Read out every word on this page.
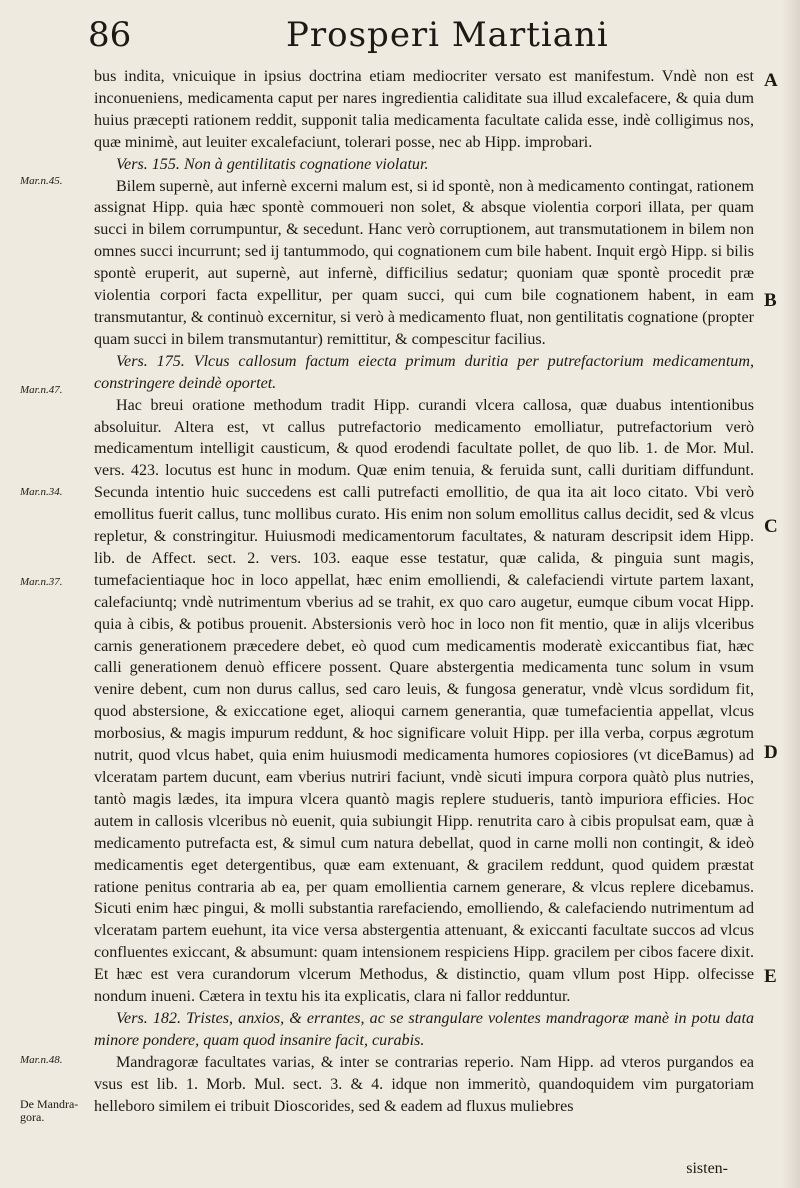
86	Prosperi Martiani
Mar.n.45.
Mar.n.47.
Mar.n.34.
Mar.n.37.
Mar.n.48.
De Mandra-gora.
A
B
C
D
E

bus indita, vnicuique in ipsius doctrina etiam mediocriter versato est manifestum. Vndè non est inconueniens, medicamenta caput per nares ingredientia caliditate sua illud excalefacere, & quia dum huius præcepti rationem reddit, supponit talia medicamenta facultate calida esse, indè colligimus nos, quæ minimè, aut leuiter excalefaciunt, tolerari posse, nec ab Hipp. improbari.

Vers. 155. Non à gentilitatis cognatione violatur.

Bilem supernè, aut infernè excerni malum est, si id spontè, non à medicamento contingat, rationem assignat Hipp. quia hæc spontè commoueri non solet, & absque violentia corpori illata, per quam succi in bilem corrumpuntur, & secedunt. Hanc verò corruptionem, aut transmutationem in bilem non omnes succi incurrunt; sed ij tantummodo, qui cognationem cum bile habent. Inquit ergò Hipp. si bilis spontè eruperit, aut supernè, aut infernè, difficilius sedatur; quoniam quæ spontè procedit præ violentia corpori facta expellitur, per quam succi, qui cum bile cognationem habent, in eam transmutantur, & continuò excernitur, si verò à medicamento fluat, non gentilitatis cognatione (propter quam succi in bilem transmutantur) remittitur, & compescitur facilius.

Vers. 175. Vlcus callosum factum eiecta primum duritia per putrefactorium medicamentum, constringere deindè oportet.

Hac breui oratione methodum tradit Hipp. curandi vlcera callosa, quæ duabus intentionibus absoluitur. Altera est, vt callus putrefactorio medicamento emolliatur, putrefactorium verò medicamentum intelligit causticum, & quod erodendi facultate pollet, de quo lib. 1. de Mor. Mul. vers. 423. locutus est hunc in modum. Quæ enim tenuia, & feruida sunt, calli duritiam diffundunt. Secunda intentio huic succedens est calli putrefacti emollitio, de qua ita ait loco citato. Vbi verò emollitus fuerit callus, tunc mollibus curato. His enim non solum emollitus callus decidit, sed & vlcus repletur, & constringitur. Huiusmodi medicamentorum facultates, & naturam descripsit idem Hipp. lib. de Affect. sect. 2. vers. 103. eaque esse testatur, quæ calida, & pinguia sunt magis, tumefacientiaque hoc in loco appellat, hæc enim emolliendi, & calefaciendi virtute partem laxant, calefaciuntq; vndè nutrimentum vberius ad se trahit, ex quo caro augetur, eumque cibum vocat Hipp. quia à cibis, & potibus prouenit. Abstersionis verò hoc in loco non fit mentio, quæ in alijs vlceribus carnis generationem præcedere debet, eò quod cum medicamentis moderatè exiccantibus fiat, hæc calli generationem denuò efficere possent. Quare abstergentia medicamenta tunc solum in vsum venire debent, cum non durus callus, sed caro leuis, & fungosa generatur, vndè vlcus sordidum fit, quod abstersione, & exiccatione eget, alioqui carnem generantia, quæ tumefacientia appellat, vlcus morbosius, & magis impurum reddunt, & hoc significare voluit Hipp. per illa verba, corpus ægrotum nutrit, quod vlcus habet, quia enim huiusmodi medicamenta humores copiosiores (vt diceBamus) ad vlceratam partem ducunt, eam vberius nutriri faciunt, vndè sicuti impura corpora quàtò plus nutries, tantò magis lædes, ita impura vlcera quantò magis replere studueris, tantò impuriora efficies. Hoc autem in callosis vlceribus nò euenit, quia subiungit Hipp. renutrita caro à cibis propulsat eam, quæ à medicamento putrefacta est, & simul cum natura debellat, quod in carne molli non contingit, & ideò medicamentis eget detergentibus, quæ eam extenuant, & gracilem reddunt, quod quidem præstat ratione penitus contraria ab ea, per quam emollientia carnem generare, & vlcus replere dicebamus. Sicuti enim hæc pingui, & molli substantia rarefaciendo, emolliendo, & calefaciendo nutrimentum ad vlceratam partem euehunt, ita vice versa abstergentia attenuant, & exiccanti facultate succos ad vlcus confluentes exiccant, & absumunt: quam intensionem respiciens Hipp. gracilem per cibos facere dixit. Et hæc est vera curandorum vlcerum Methodus, & distinctio, quam vllum post Hipp. olfecisse nondum inueni. Cætera in textu his ita explicatis, clara ni fallor redduntur.

Vers. 182. Tristes, anxios, & errantes, ac se strangulare volentes mandragoræ manè in potu data minore pondere, quam quod insanire facit, curabis.

Mandragoræ facultates varias, & inter se contrarias reperio. Nam Hipp. ad vteros purgandos ea vsus est lib. 1. Morb. Mul. sect. 3. & 4. idque non immeritò, quandoquidem vim purgatoriam helleboro similem ei tribuit Dioscorides, sed & eadem ad fluxus muliebres

sisten-
